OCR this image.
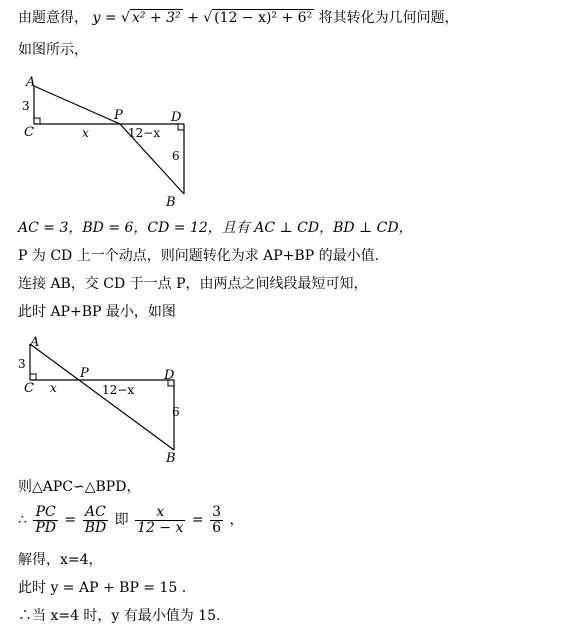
由题意得， y = √ x² + 3² + √ (12 − x)² + 6² 将其转化为几何问题，
如图所示，
A
C
P	D
B
3
x	12−x
6
AC = 3，BD = 6，CD = 12，且有 AC ⊥ CD，BD ⊥ CD，
P 为 CD 上一个动点，则问题转化为求 AP+BP 的最小值.
连接 AB，交 CD 于一点 P，由两点之间线段最短可知，
此时 AP+BP 最小，如图
A
C
P	D
B
3
x	12−x
6
则△APC∽△BPD，
∴ $\frac{PC}{PD} = \frac{AC}{BD}$ 即 $\frac{x}{12 - x} = \frac{3}{6}$ ，
解得，x=4，
此时 y = AP + BP = 15 .
∴当 x=4 时，y 有最小值为 15.
